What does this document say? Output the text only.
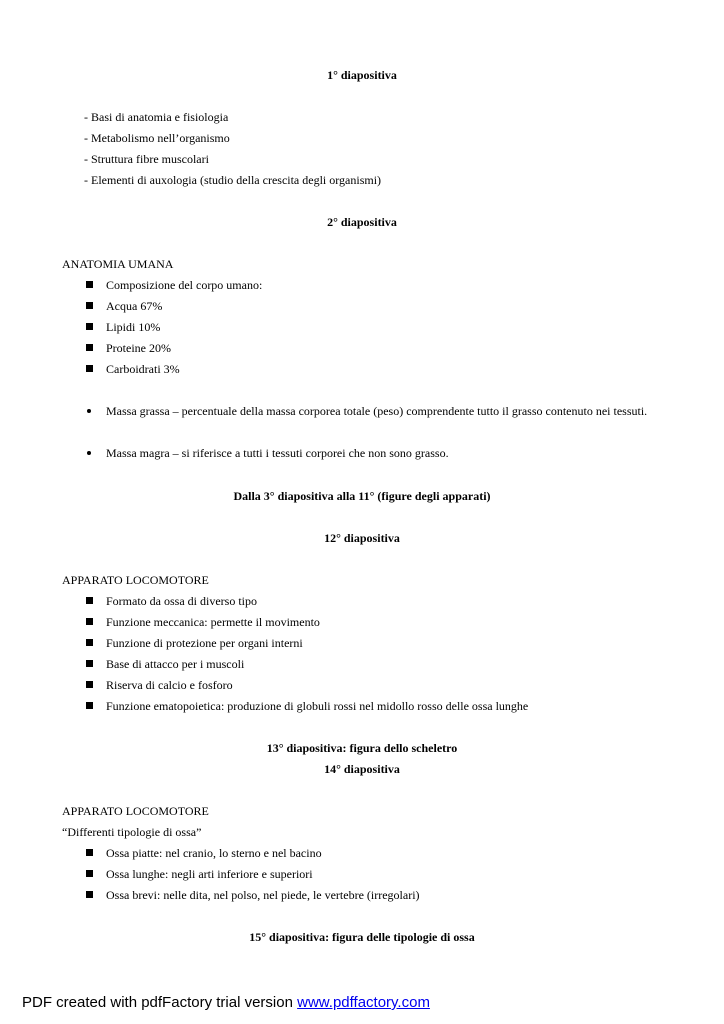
1° diapositiva
- Basi di anatomia e fisiologia
- Metabolismo nell’organismo
- Struttura fibre muscolari
- Elementi di auxologia (studio della crescita degli organismi)
2° diapositiva
ANATOMIA UMANA
Composizione del corpo umano:
Acqua 67%
Lipidi 10%
Proteine 20%
Carboidrati 3%
Massa grassa – percentuale della massa corporea totale (peso) comprendente tutto il grasso contenuto nei tessuti.
Massa magra – si riferisce a tutti i tessuti corporei che non sono grasso.
Dalla 3° diapositiva alla 11° (figure degli apparati)
12° diapositiva
APPARATO LOCOMOTORE
Formato da ossa di diverso tipo
Funzione meccanica: permette il movimento
Funzione di protezione per organi interni
Base di attacco per i muscoli
Riserva di calcio e fosforo
Funzione ematopoietica: produzione di globuli rossi nel midollo rosso delle ossa lunghe
13° diapositiva: figura dello scheletro
14° diapositiva
APPARATO LOCOMOTORE
“Differenti tipologie di ossa”
Ossa piatte: nel cranio, lo sterno e nel bacino
Ossa lunghe: negli arti inferiore e superiori
Ossa brevi: nelle dita, nel polso, nel piede, le vertebre (irregolari)
15° diapositiva: figura delle tipologie di ossa
PDF created with pdfFactory trial version www.pdffactory.com
